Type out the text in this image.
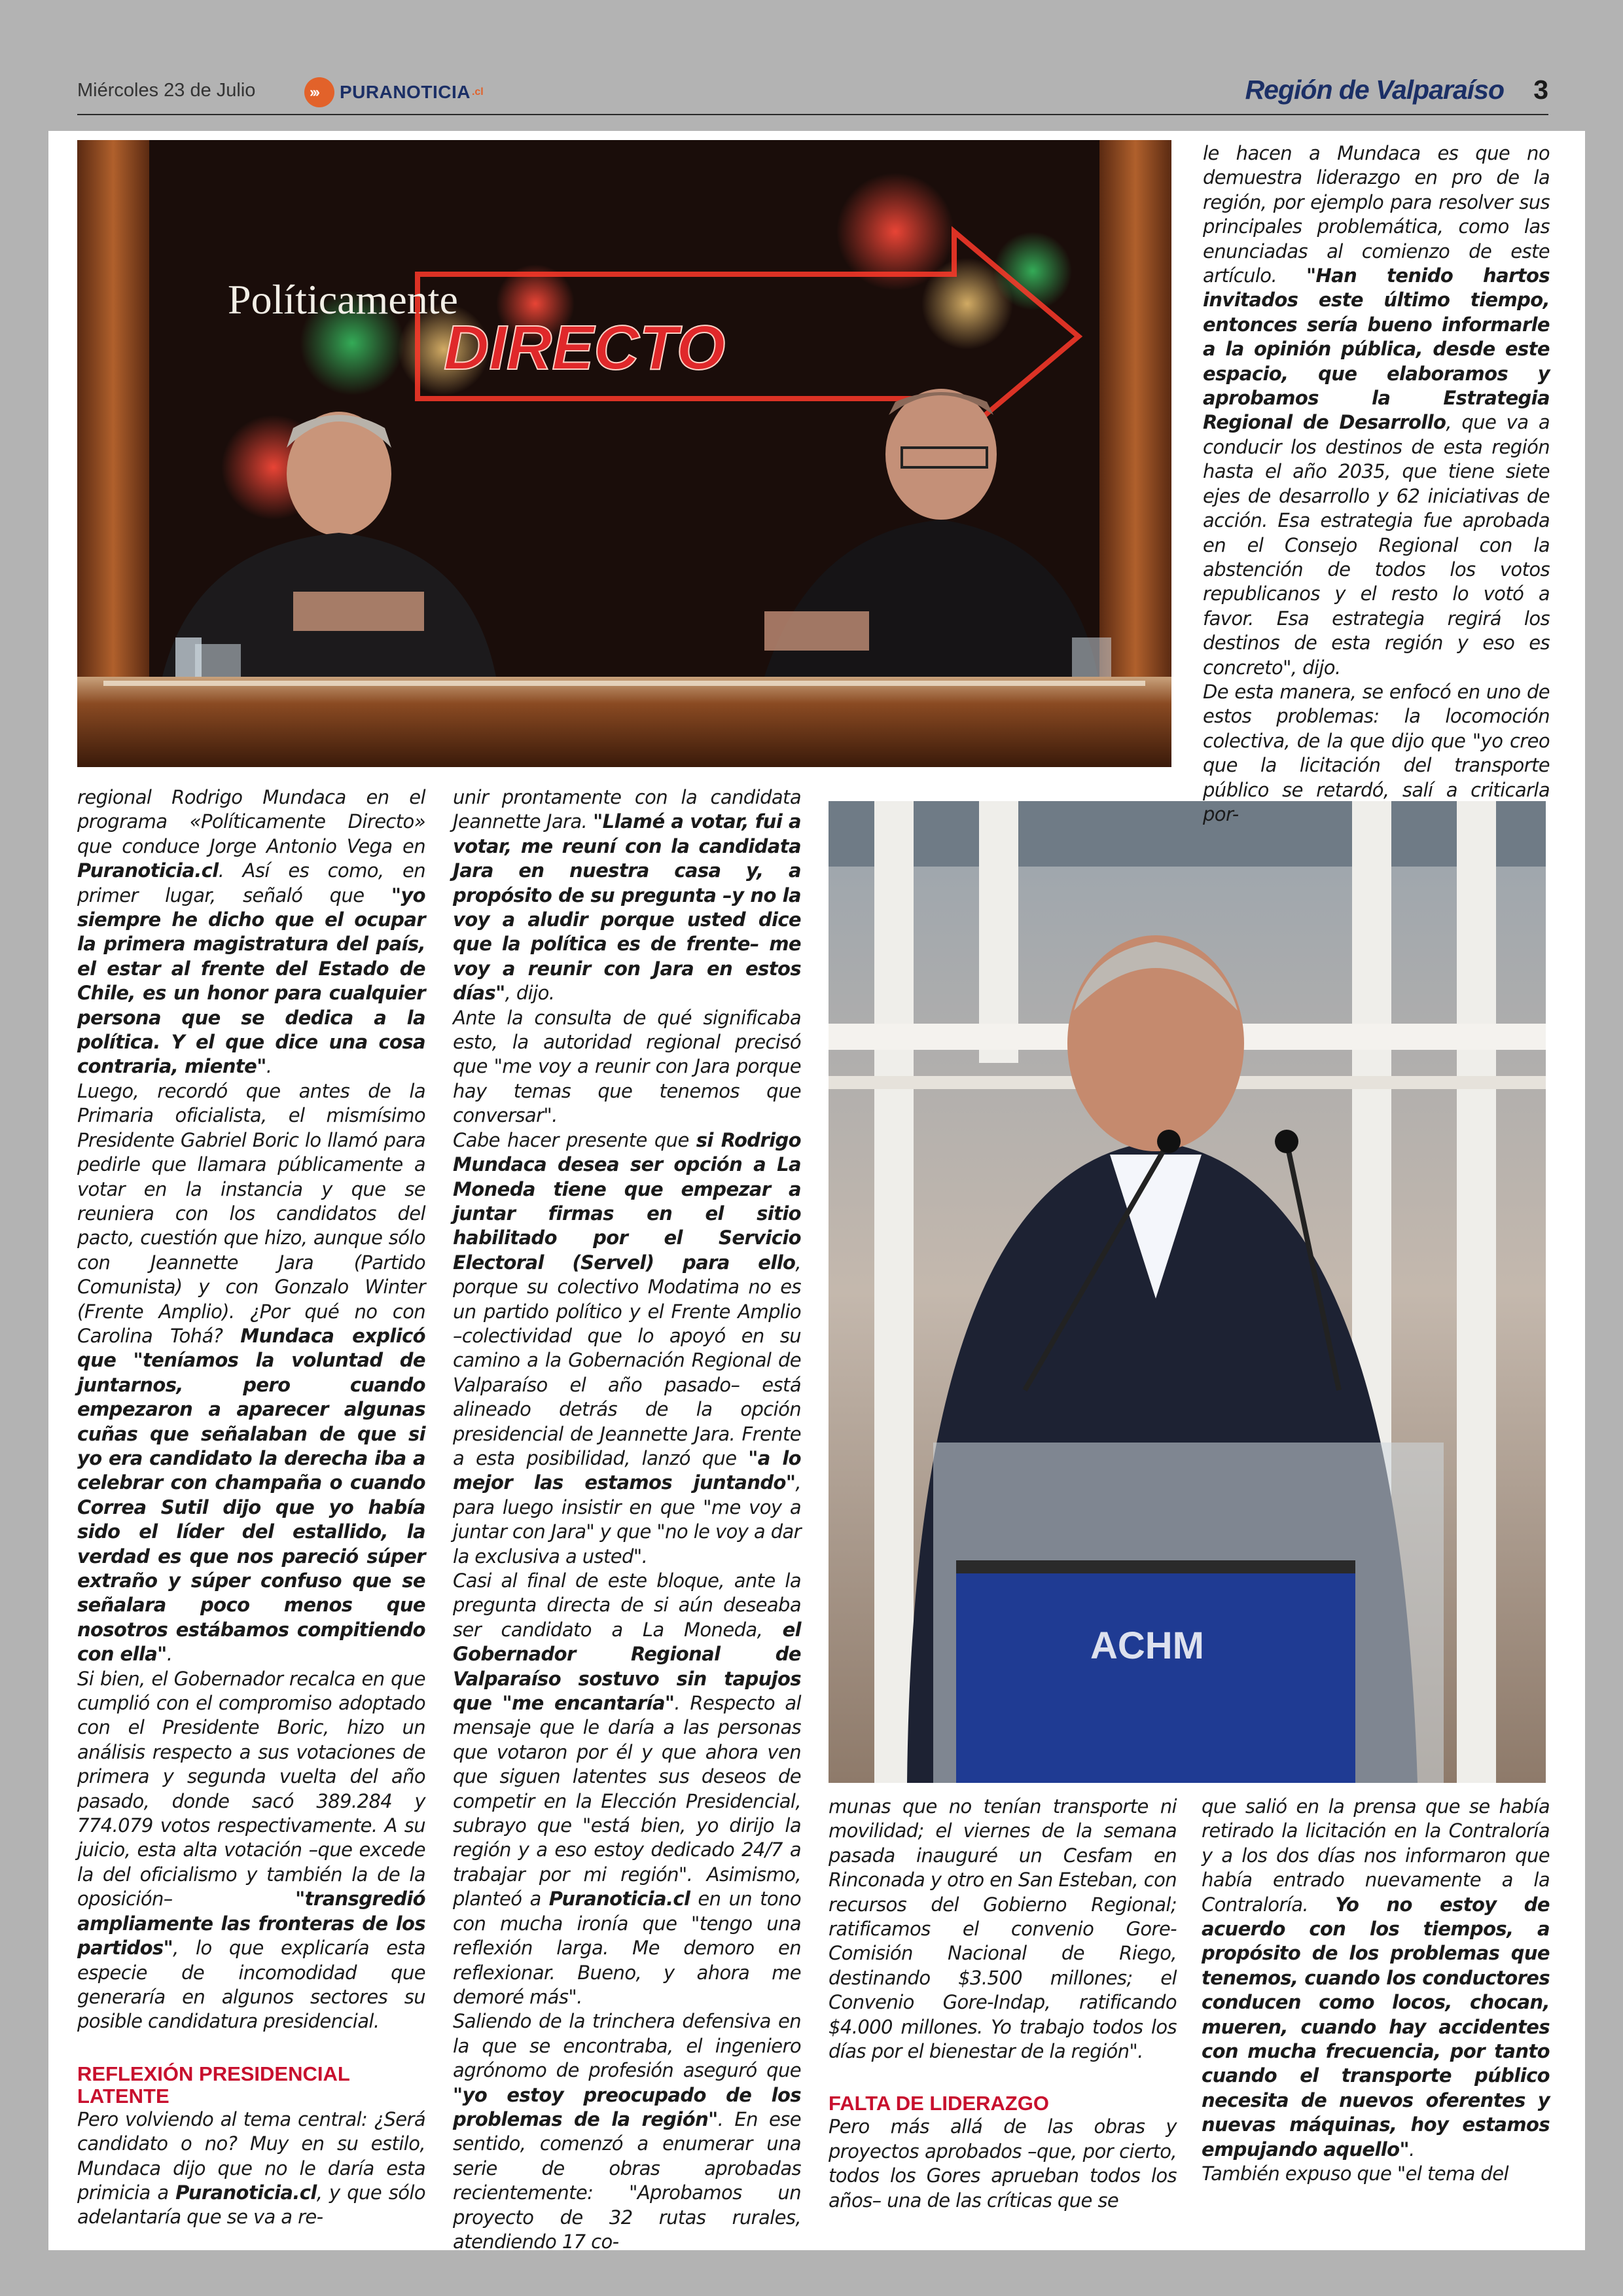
Miércoles 23 de Julio	››› PURANOTICIA .cl	Región de Valparaíso 3
Políticamente
DIRECTO
ACHM

le hacen a Mundaca es que no demuestra liderazgo en pro de la región, por ejemplo para resolver sus principales problemática, como las enunciadas al comienzo de este artículo. "Han tenido hartos invitados este último tiempo, entonces sería bueno informarle a la opinión pública, desde este espacio, que elaboramos y aprobamos la Estrategia Regional de Desarrollo, que va a conducir los destinos de esta región hasta el año 2035, que tiene siete ejes de desarrollo y 62 iniciativas de acción. Esa estrategia fue aprobada en el Consejo Regional con la abstención de todos los votos republicanos y el resto lo votó a favor. Esa estrategia regirá los destinos de esta región y eso es concreto", dijo.

De esta manera, se enfocó en uno de estos problemas: la locomoción colectiva, de la que dijo que "yo creo que la licitación del transporte público se retardó, salí a criticarla por-

regional Rodrigo Mundaca en el programa «Políticamente Directo» que conduce Jorge Antonio Vega en Puranoticia.cl. Así es como, en primer lugar, señaló que "yo siempre he dicho que el ocupar la primera magistratura del país, el estar al frente del Estado de Chile, es un honor para cualquier persona que se dedica a la política. Y el que dice una cosa contraria, miente".

Luego, recordó que antes de la Primaria oficialista, el mismísimo Presidente Gabriel Boric lo llamó para pedirle que llamara públicamente a votar en la instancia y que se reuniera con los candidatos del pacto, cuestión que hizo, aunque sólo con Jeannette Jara (Partido Comunista) y con Gonzalo Winter (Frente Amplio). ¿Por qué no con Carolina Tohá? Mundaca explicó que "teníamos la voluntad de juntarnos, pero cuando empezaron a aparecer algunas cuñas que señalaban de que si yo era candidato la derecha iba a celebrar con champaña o cuando Correa Sutil dijo que yo había sido el líder del estallido, la verdad es que nos pareció súper extraño y súper confuso que se señalara poco menos que nosotros estábamos compitiendo con ella".

Si bien, el Gobernador recalca en que cumplió con el compromiso adoptado con el Presidente Boric, hizo un análisis respecto a sus votaciones de primera y segunda vuelta del año pasado, donde sacó 389.284 y 774.079 votos respectivamente. A su juicio, esta alta votación –que excede la del oficialismo y también la de la oposición– "transgredió ampliamente las fronteras de los partidos", lo que explicaría esta especie de incomodidad que generaría en algunos sectores su posible candidatura presidencial.

REFLEXIÓN PRESIDENCIAL LATENTE

Pero volviendo al tema central: ¿Será candidato o no? Muy en su estilo, Mundaca dijo que no le daría esta primicia a Puranoticia.cl, y que sólo adelantaría que se va a re-

unir prontamente con la candidata Jeannette Jara. "Llamé a votar, fui a votar, me reuní con la candidata Jara en nuestra casa y, a propósito de su pregunta –y no la voy a aludir porque usted dice que la política es de frente– me voy a reunir con Jara en estos días", dijo.

Ante la consulta de qué significaba esto, la autoridad regional precisó que "me voy a reunir con Jara porque hay temas que tenemos que conversar".

Cabe hacer presente que si Rodrigo Mundaca desea ser opción a La Moneda tiene que empezar a juntar firmas en el sitio habilitado por el Servicio Electoral (Servel) para ello, porque su colectivo Modatima no es un partido político y el Frente Amplio –colectividad que lo apoyó en su camino a la Gobernación Regional de Valparaíso el año pasado– está alineado detrás de la opción presidencial de Jeannette Jara. Frente a esta posibilidad, lanzó que "a lo mejor las estamos juntando", para luego insistir en que "me voy a juntar con Jara" y que "no le voy a dar la exclusiva a usted".

Casi al final de este bloque, ante la pregunta directa de si aún deseaba ser candidato a La Moneda, el Gobernador Regional de Valparaíso sostuvo sin tapujos que "me encantaría". Respecto al mensaje que le daría a las personas que votaron por él y que ahora ven que siguen latentes sus deseos de competir en la Elección Presidencial, subrayo que "está bien, yo dirijo la región y a eso estoy dedicado 24/7 a trabajar por mi región". Asimismo, planteó a Puranoticia.cl en un tono con mucha ironía que "tengo una reflexión larga. Me demoro en reflexionar. Bueno, y ahora me demoré más".

Saliendo de la trinchera defensiva en la que se encontraba, el ingeniero agrónomo de profesión aseguró que "yo estoy preocupado de los problemas de la región". En ese sentido, comenzó a enumerar una serie de obras aprobadas recientemente: "Aprobamos un proyecto de 32 rutas rurales, atendiendo 17 co-

munas que no tenían transporte ni movilidad; el viernes de la semana pasada inauguré un Cesfam en Rinconada y otro en San Esteban, con recursos del Gobierno Regional; ratificamos el convenio Gore-Comisión Nacional de Riego, destinando $3.500 millones; el Convenio Gore-Indap, ratificando $4.000 millones. Yo trabajo todos los días por el bienestar de la región".

FALTA DE LIDERAZGO

Pero más allá de las obras y proyectos aprobados –que, por cierto, todos los Gores aprueban todos los años– una de las críticas que se

que salió en la prensa que se había retirado la licitación en la Contraloría y a los dos días nos informaron que había entrado nuevamente a la Contraloría. Yo no estoy de acuerdo con los tiempos, a propósito de los problemas que tenemos, cuando los conductores conducen como locos, chocan, mueren, cuando hay accidentes con mucha frecuencia, por tanto cuando el transporte público necesita de nuevos oferentes y nuevas máquinas, hoy estamos empujando aquello".

También expuso que "el tema del
